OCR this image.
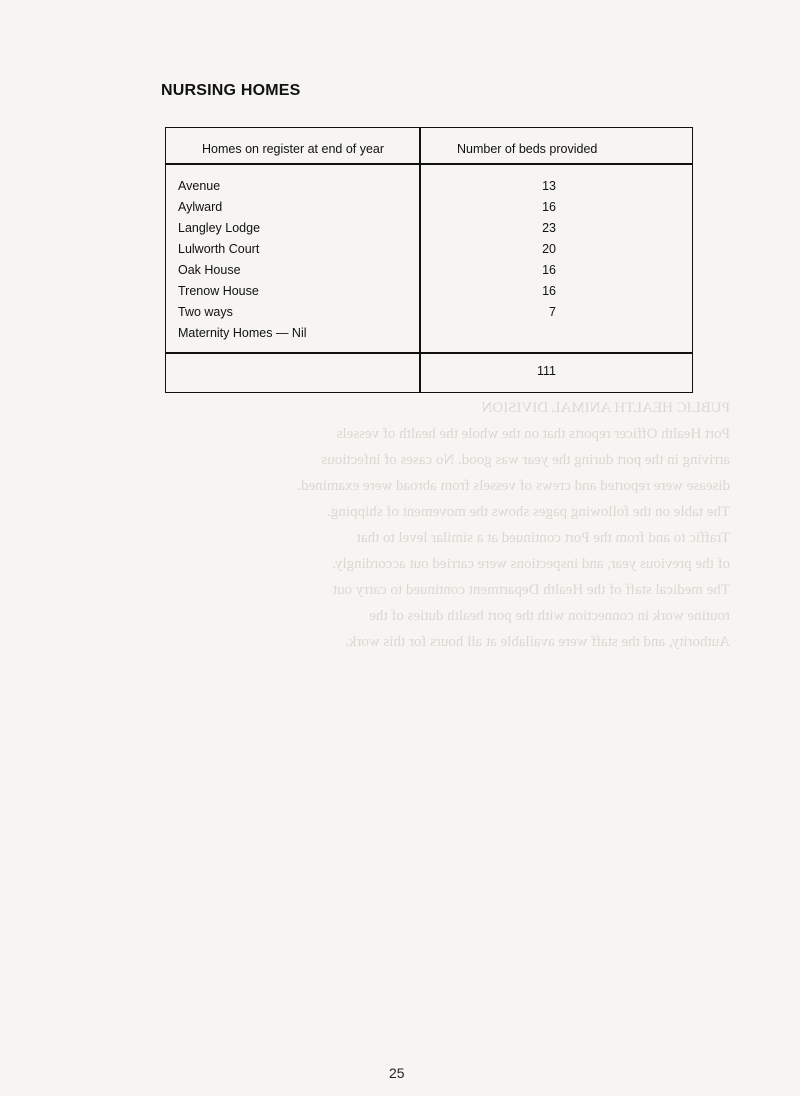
PUBLIC HEALTH ANIMAL DIVISION
Port Health Officer reports that on the whole the health of vessels
arriving in the port during the year was good. No cases of infectious
disease were reported and crews of vessels from abroad were examined.
The table on the following pages shows the movement of shipping.
Traffic to and from the Port continued at a similar level to that
of the previous year, and inspections were carried out accordingly.
The medical staff of the Health Department continued to carry out
routine work in connection with the port health duties of the
Authority, and the staff were available at all hours for this work.
NURSING HOMES
Homes on register at end of year	Number of beds provided
Avenue
Aylward
Langley Lodge
Lulworth Court
Oak House
Trenow House
Two ways
Maternity Homes — Nil
13
16
23
20
16
16
7
111
25
